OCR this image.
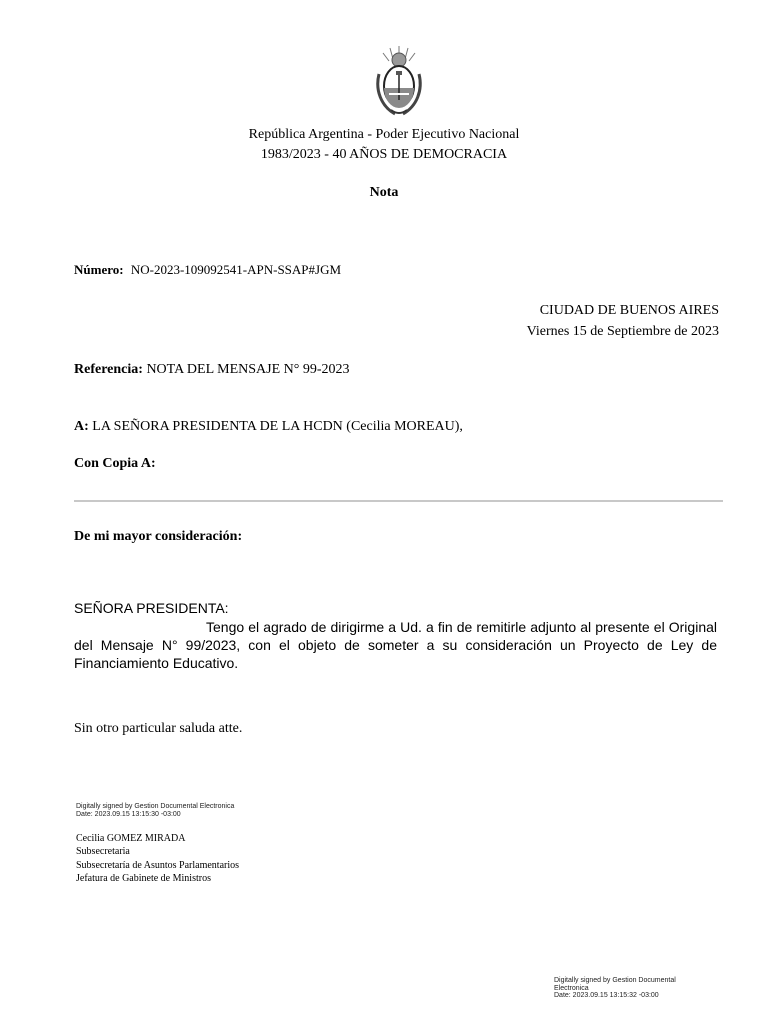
República Argentina - Poder Ejecutivo Nacional
1983/2023 - 40 AÑOS DE DEMOCRACIA
Nota
Número: NO-2023-109092541-APN-SSAP#JGM
CIUDAD DE BUENOS AIRES
Viernes 15 de Septiembre de 2023
Referencia: NOTA DEL MENSAJE N° 99-2023
A: LA SEÑORA PRESIDENTA DE LA HCDN (Cecilia MOREAU),
Con Copia A:
De mi mayor consideración:
SEÑORA PRESIDENTA:
Tengo el agrado de dirigirme a Ud. a fin de remitirle adjunto al presente el Original del Mensaje N° 99/2023, con el objeto de someter a su consideración un Proyecto de Ley de Financiamiento Educativo.
Sin otro particular saluda atte.
Digitally signed by Gestion Documental Electronica
Date: 2023.09.15 13:15:30 -03:00
Cecilia GOMEZ MIRADA
Subsecretaria
Subsecretaría de Asuntos Parlamentarios
Jefatura de Gabinete de Ministros
Digitally signed by Gestion Documental
Electronica
Date: 2023.09.15 13:15:32 -03:00
